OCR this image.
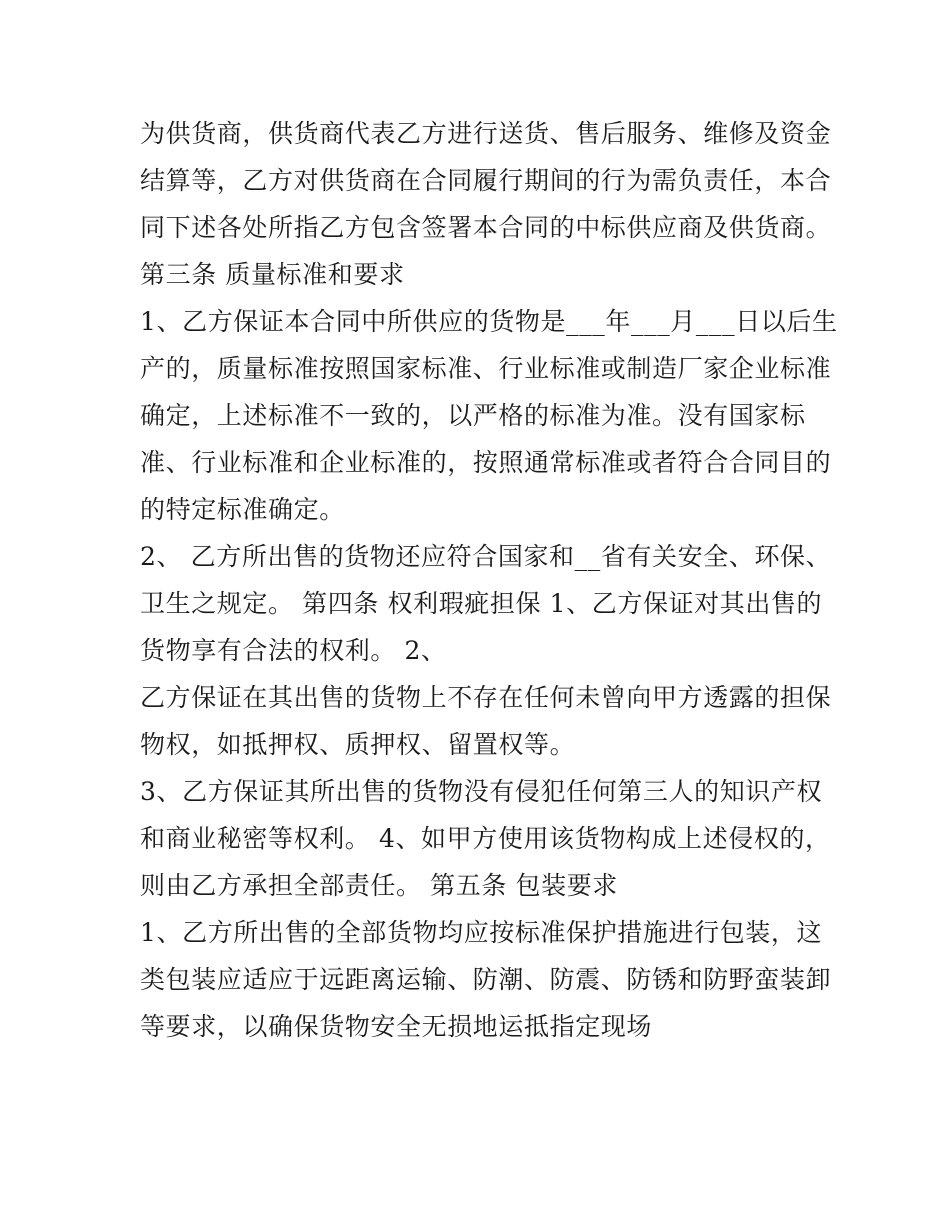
为供货商，供货商代表乙方进行送货、售后服务、维修及资金
结算等，乙方对供货商在合同履行期间的行为需负责任，本合
同下述各处所指乙方包含签署本合同的中标供应商及供货商。
第三条 质量标准和要求
1、乙方保证本合同中所供应的货物是___年___月___日以后生
产的，质量标准按照国家标准、行业标准或制造厂家企业标准
确定，上述标准不一致的，以严格的标准为准。没有国家标
准、行业标准和企业标准的，按照通常标准或者符合合同目的
的特定标准确定。
2、 乙方所出售的货物还应符合国家和__省有关安全、环保、
卫生之规定。 第四条 权利瑕疵担保 1、乙方保证对其出售的
货物享有合法的权利。 2、
乙方保证在其出售的货物上不存在任何未曾向甲方透露的担保
物权，如抵押权、质押权、留置权等。
3、乙方保证其所出售的货物没有侵犯任何第三人的知识产权
和商业秘密等权利。 4、如甲方使用该货物构成上述侵权的，
则由乙方承担全部责任。 第五条 包装要求
1、乙方所出售的全部货物均应按标准保护措施进行包装，这
类包装应适应于远距离运输、防潮、防震、防锈和防野蛮装卸
等要求，以确保货物安全无损地运抵指定现场
